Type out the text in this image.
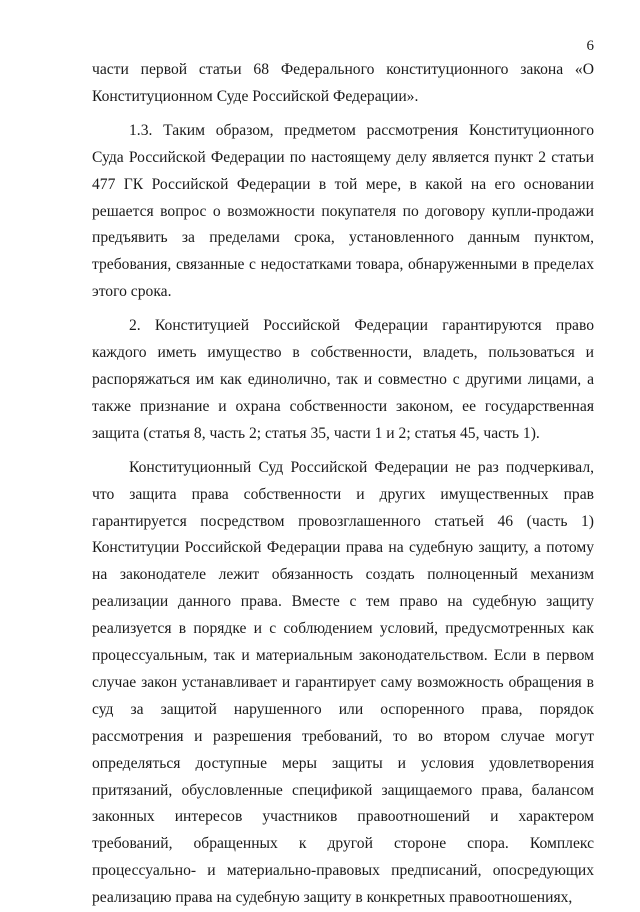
6

части первой статьи 68 Федерального конституционного закона «О Конституционном Суде Российской Федерации».

1.3. Таким образом, предметом рассмотрения Конституционного Суда Российской Федерации по настоящему делу является пункт 2 статьи 477 ГК Российской Федерации в той мере, в какой на его основании решается вопрос о возможности покупателя по договору купли-продажи предъявить за пределами срока, установленного данным пунктом, требования, связанные с недостатками товара, обнаруженными в пределах этого срока.

2. Конституцией Российской Федерации гарантируются право каждого иметь имущество в собственности, владеть, пользоваться и распоряжаться им как единолично, так и совместно с другими лицами, а также признание и охрана собственности законом, ее государственная защита (статья 8, часть 2; статья 35, части 1 и 2; статья 45, часть 1).

Конституционный Суд Российской Федерации не раз подчеркивал, что защита права собственности и других имущественных прав гарантируется посредством провозглашенного статьей 46 (часть 1) Конституции Российской Федерации права на судебную защиту, а потому на законодателе лежит обязанность создать полноценный механизм реализации данного права. Вместе с тем право на судебную защиту реализуется в порядке и с соблюдением условий, предусмотренных как процессуальным, так и материальным законодательством. Если в первом случае закон устанавливает и гарантирует саму возможность обращения в суд за защитой нарушенного или оспоренного права, порядок рассмотрения и разрешения требований, то во втором случае могут определяться доступные меры защиты и условия удовлетворения притязаний, обусловленные спецификой защищаемого права, балансом законных интересов участников правоотношений и характером требований, обращенных к другой стороне спора. Комплекс процессуально- и материально-правовых предписаний, опосредующих реализацию права на судебную защиту в конкретных правоотношениях,
